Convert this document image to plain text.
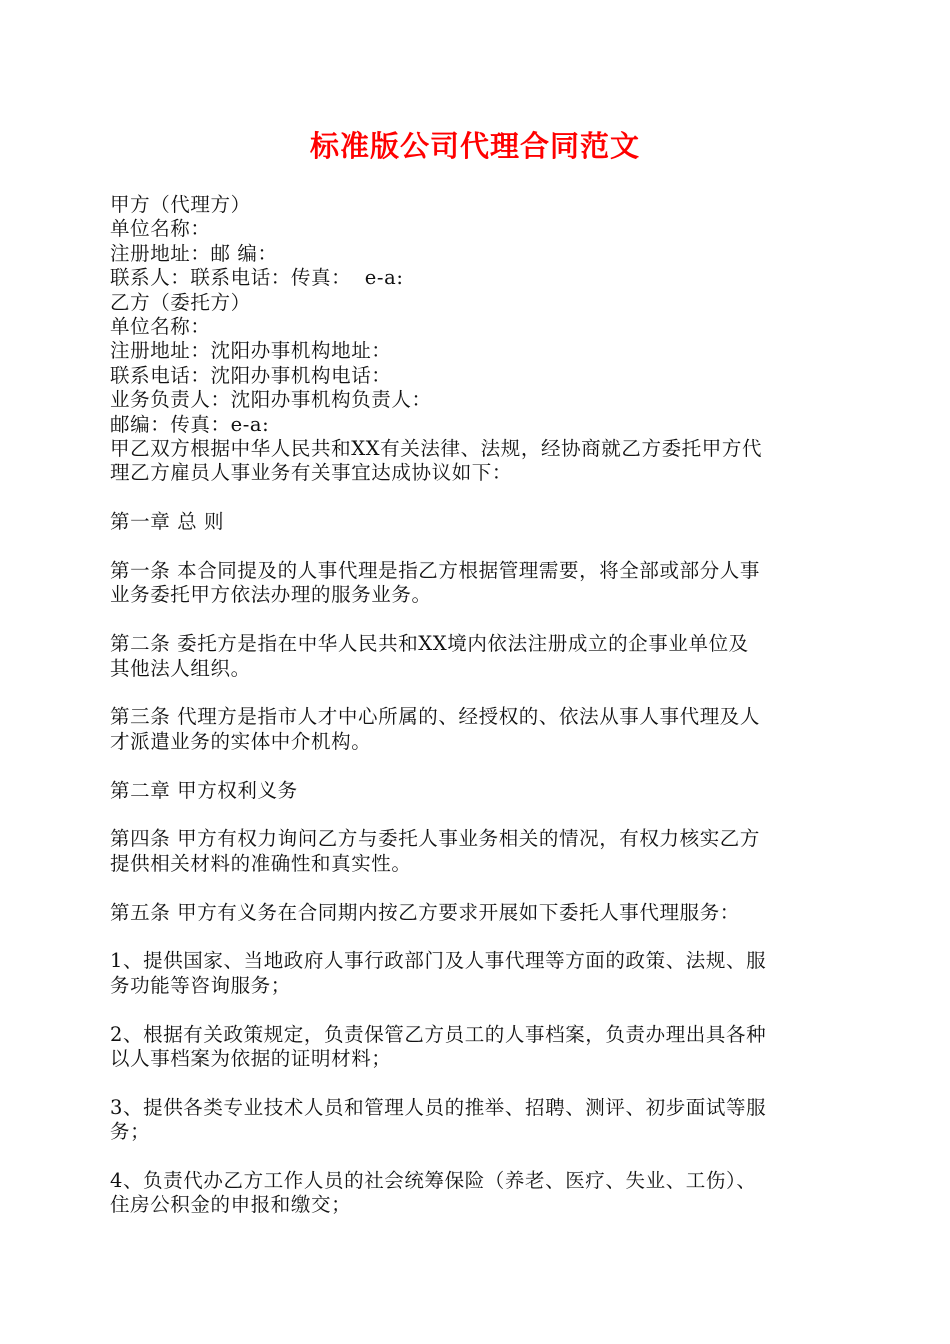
标准版公司代理合同范文
甲方（代理方）
单位名称：
注册地址：邮 编：
联系人：联系电话：传真：  e-a:
乙方（委托方）
单位名称：
注册地址：沈阳办事机构地址：
联系电话：沈阳办事机构电话：
业务负责人：沈阳办事机构负责人：
邮编：传真：e-a:
甲乙双方根据中华人民共和XX有关法律、法规，经协商就乙方委托甲方代
理乙方雇员人事业务有关事宜达成协议如下：
第一章 总 则
第一条 本合同提及的人事代理是指乙方根据管理需要，将全部或部分人事
业务委托甲方依法办理的服务业务。
第二条 委托方是指在中华人民共和XX境内依法注册成立的企事业单位及
其他法人组织。
第三条 代理方是指市人才中心所属的、经授权的、依法从事人事代理及人
才派遣业务的实体中介机构。
第二章 甲方权利义务
第四条 甲方有权力询问乙方与委托人事业务相关的情况，有权力核实乙方
提供相关材料的准确性和真实性。
第五条 甲方有义务在合同期内按乙方要求开展如下委托人事代理服务：
1、提供国家、当地政府人事行政部门及人事代理等方面的政策、法规、服
务功能等咨询服务；
2、根据有关政策规定，负责保管乙方员工的人事档案，负责办理出具各种
以人事档案为依据的证明材料；
3、提供各类专业技术人员和管理人员的推举、招聘、测评、初步面试等服
务；
4、负责代办乙方工作人员的社会统筹保险（养老、医疗、失业、工伤）、
住房公积金的申报和缴交；
